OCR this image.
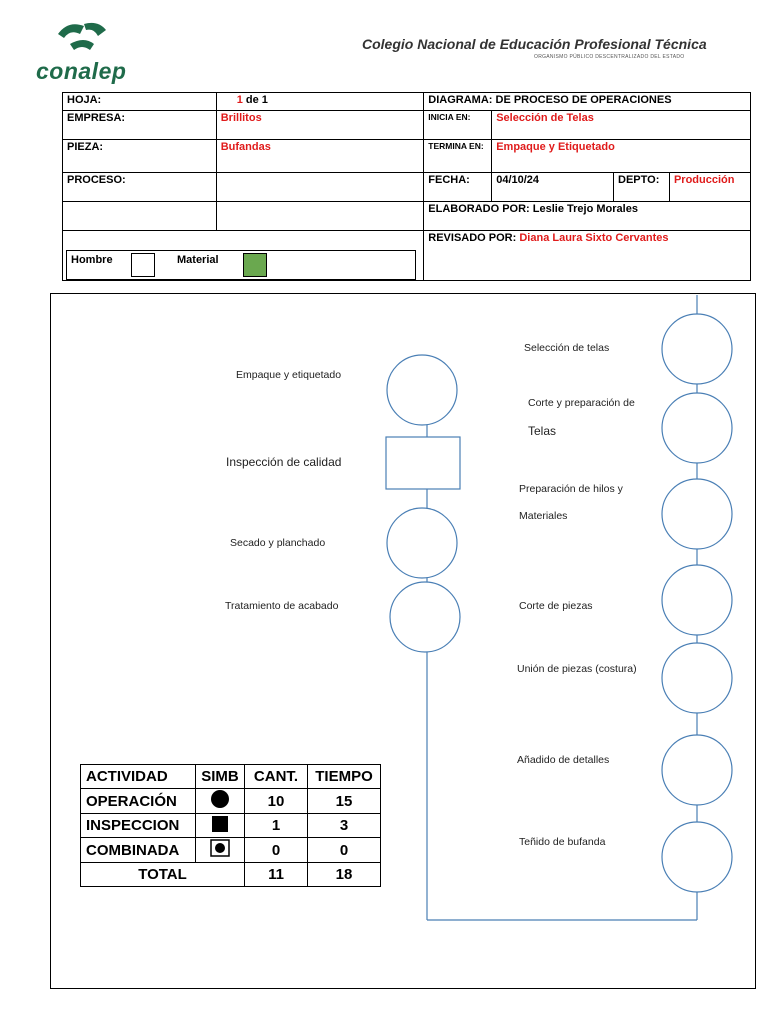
conalep
Colegio Nacional de Educación Profesional Técnica
ORGANISMO PÚBLICO DESCENTRALIZADO DEL ESTADO
HOJA:	1 de 1	DIAGRAMA: DE PROCESO DE OPERACIONES			
EMPRESA:	Brillitos	INICIA EN:	Selección de Telas		
PIEZA:	Bufandas	TERMINA EN:	Empaque y Etiquetado		
PROCESO:		FECHA:	04/10/24	DEPTO:	Producción
		ELABORADO POR: Leslie Trejo Morales			
		REVISADO POR: Diana Laura Sixto Cervantes			
Hombre	Material
Selección de telas
Corte y preparación de
Telas
Preparación de hilos y
Materiales
Corte de piezas
Unión de piezas (costura)
Añadido de detalles
Teñido de bufanda
Empaque y etiquetado
Inspección de calidad
Secado y planchado
Tratamiento de acabado
ACTIVIDAD	SIMB	CANT.	TIEMPO
OPERACIÓN		10	15
INSPECCION		1	3
COMBINADA		0	0
TOTAL		11	18
